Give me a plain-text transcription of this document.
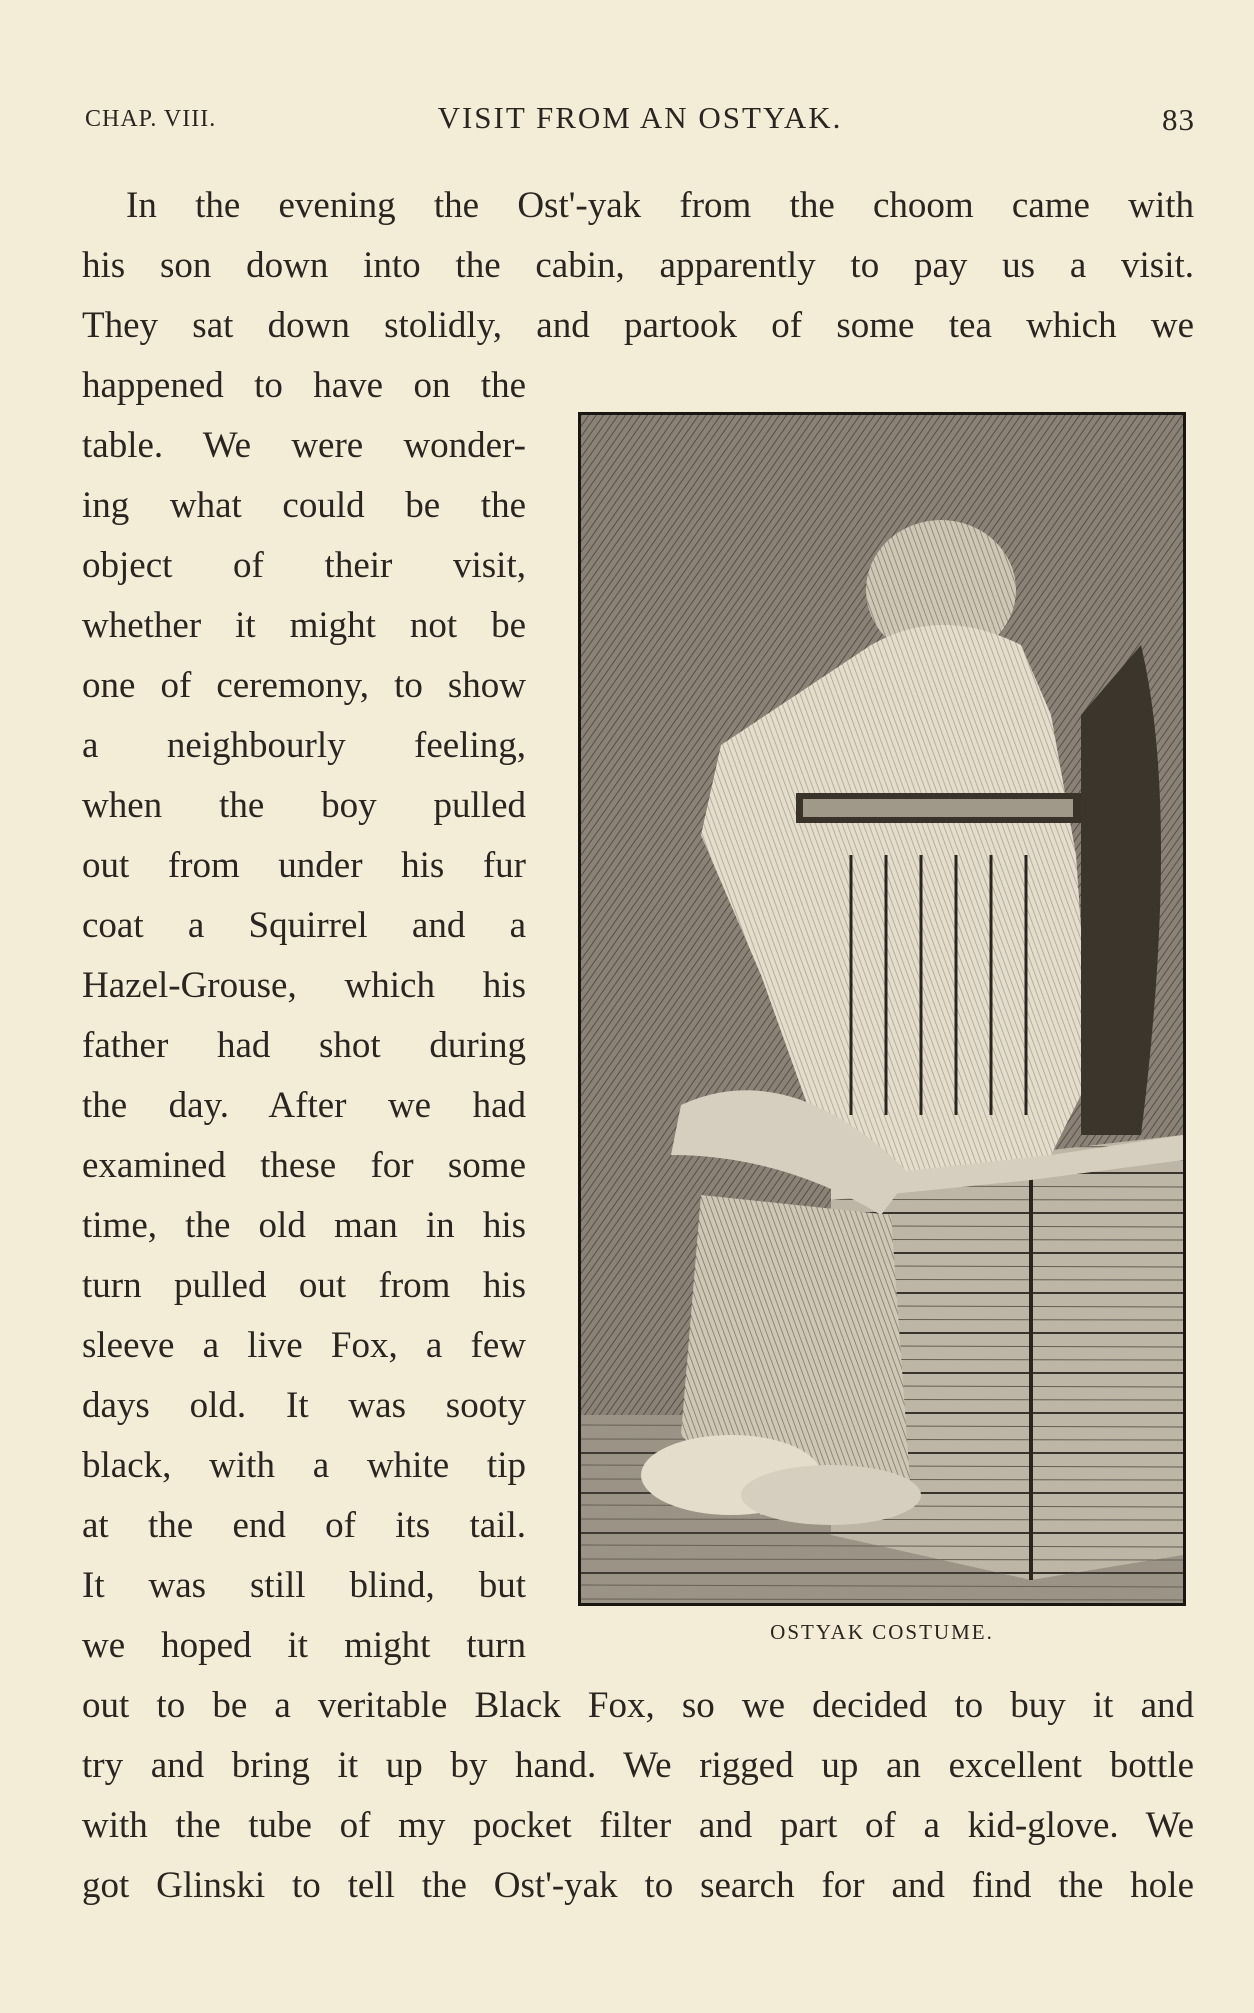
CHAP. VIII.	VISIT FROM AN OSTYAK.	83
In the evening the Ost'-yak from the choom came with
his son down into the cabin, apparently to pay us a visit.
They sat down stolidly, and partook of some tea which we
happened to have on the
table. We were wonder-
ing what could be the
object of their visit,
whether it might not be
one of ceremony, to show
a neighbourly feeling,
when the boy pulled
out from under his fur
coat a Squirrel and a
Hazel-Grouse, which his
father had shot during
the day. After we had
examined these for some
time, the old man in his
turn pulled out from his
sleeve a live Fox, a few
days old. It was sooty
black, with a white tip
at the end of its tail.
It was still blind, but
we hoped it might turn
out to be a veritable Black Fox, so we decided to buy it and
try and bring it up by hand. We rigged up an excellent bottle
with the tube of my pocket filter and part of a kid-glove. We
got Glinski to tell the Ost'-yak to search for and find the hole
OSTYAK COSTUME.
